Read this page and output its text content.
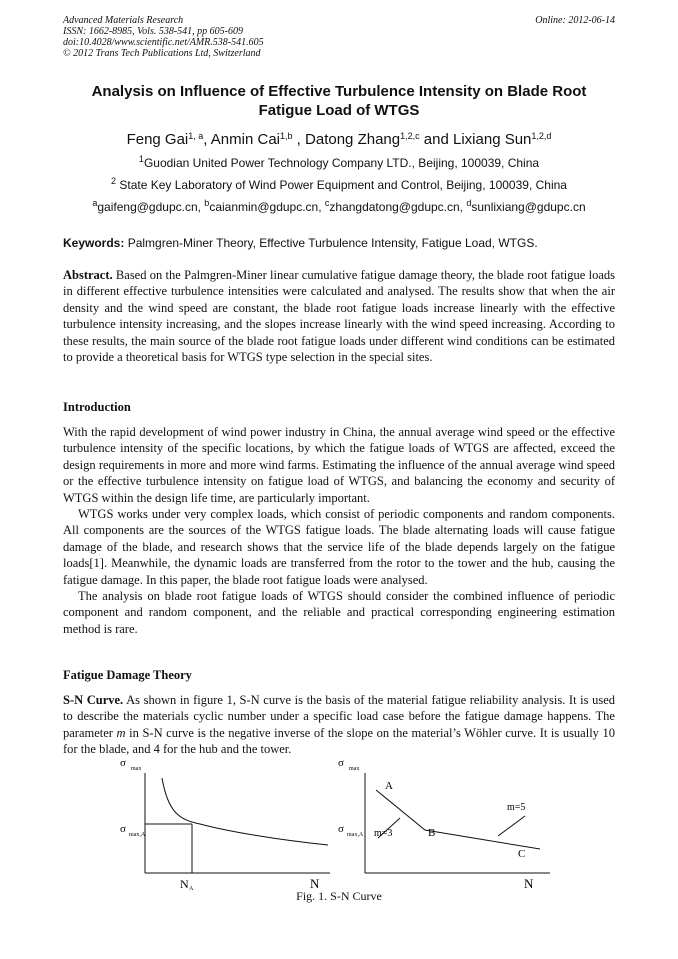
Advanced Materials Research
ISSN: 1662-8985, Vols. 538-541, pp 605-609
doi:10.4028/www.scientific.net/AMR.538-541.605
© 2012 Trans Tech Publications Ltd, Switzerland
Online: 2012-06-14
Analysis on Influence of Effective Turbulence Intensity on Blade Root
Fatigue Load of WTGS
Feng Gai$^{1, a}$, Anmin Cai$^{1,b}$ , Datong Zhang$^{1,2,c}$ and Lixiang Sun$^{1,2,d}$
$^1$Guodian United Power Technology Company LTD., Beijing, 100039, China
$^2$ State Key Laboratory of Wind Power Equipment and Control, Beijing, 100039, China
$^a$gaifeng@gdupc.cn, $^b$caianmin@gdupc.cn, $^c$zhangdatong@gdupc.cn, $^d$sunlixiang@gdupc.cn
Keywords: Palmgren-Miner Theory, Effective Turbulence Intensity, Fatigue Load, WTGS.

Abstract. Based on the Palmgren-Miner linear cumulative fatigue damage theory, the blade root fatigue loads in different effective turbulence intensities were calculated and analysed. The results show that when the air density and the wind speed are constant, the blade root fatigue loads increase linearly with the effective turbulence intensity increasing, and the slopes increase linearly with the wind speed increasing. According to these results, the main source of the blade root fatigue loads under different wind conditions can be estimated to provide a theoretical basis for WTGS type selection in the special sites.

Introduction

With the rapid development of wind power industry in China, the annual average wind speed or the effective turbulence intensity of the specific locations, by which the fatigue loads of WTGS are affected, exceed the design requirements in more and more wind farms. Estimating the influence of the annual average wind speed or the effective turbulence intensity on fatigue load of WTGS, and balancing the economy and security of WTGS within the design life time, are particularly important.

WTGS works under very complex loads, which consist of periodic components and random components. All components are the sources of the WTGS fatigue loads. The blade alternating loads will cause fatigue damage of the blade, and research shows that the service life of the blade depends largely on the fatigue loads[1]. Meanwhile, the dynamic loads are transferred from the rotor to the tower and the hub, causing the fatigue damage. In this paper, the blade root fatigue loads were analysed.

The analysis on blade root fatigue loads of WTGS should consider the combined influence of periodic component and random component, and the reliable and practical corresponding engineering estimation method is rare.

Fatigue Damage Theory

S-N Curve. As shown in figure 1, S-N curve is the basis of the material fatigue reliability analysis. It is used to describe the materials cyclic number under a specific load case before the fatigue damage happens. The parameter m in S-N curve is the negative inverse of the slope on the material’s Wöhler curve. It is usually 10 for the blade, and 4 for the hub and the tower.

σ max
σ max,A
N A	N
σ max
σ max,A
A
B
C
m=3
m=5
N
Fig. 1. S-N Curve
